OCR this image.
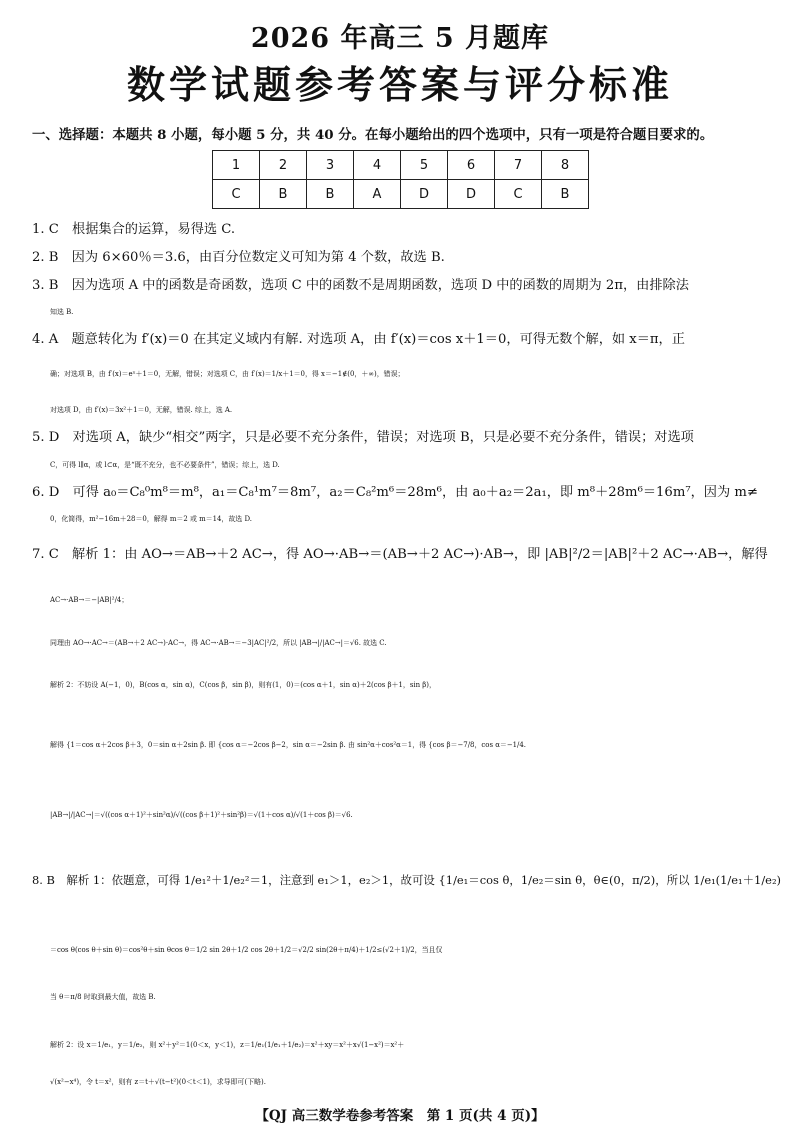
2026 年高三 5 月题库
数学试题参考答案与评分标准
一、选择题：本题共 8 小题，每小题 5 分，共 40 分。在每小题给出的四个选项中，只有一项是符合题目要求的。
1	2	3	4	5	6	7	8
C	B	B	A	D	D	C	B
1. C　根据集合的运算，易得选 C.
2. B　因为 6×60％＝3.6，由百分位数定义可知为第 4 个数，故选 B.
3. B　因为选项 A 中的函数是奇函数，选项 C 中的函数不是周期函数，选项 D 中的函数的周期为 2π，由排除法
知选 B.
4. A　题意转化为 f′(x)＝0 在其定义域内有解. 对选项 A，由 f′(x)＝cos x＋1＝0，可得无数个解，如 x＝π，正
确；对选项 B，由 f′(x)＝eˣ＋1＝0，无解，错误；对选项 C，由 f′(x)＝1/x＋1＝0，得 x＝−1∉(0，＋∞)，错误；
对选项 D，由 f′(x)＝3x²＋1＝0，无解，错误. 综上，选 A.
5. D　对选项 A，缺少“相交”两字，只是必要不充分条件，错误；对选项 B，只是必要不充分条件，错误；对选项
C，可得 l∥α，或 l⊂α，是“既不充分，也不必要条件”，错误；综上，选 D.
6. D　可得 a₀＝C₈⁰m⁸＝m⁸，a₁＝C₈¹m⁷＝8m⁷，a₂＝C₈²m⁶＝28m⁶，由 a₀＋a₂＝2a₁，即 m⁸＋28m⁶＝16m⁷，因为 m≠
0，化简得，m²−16m＋28＝0，解得 m＝2 或 m＝14，故选 D.
7. C　解析 1：由 AO→＝AB→＋2 AC→，得 AO→·AB→＝(AB→＋2 AC→)·AB→，即 |AB|²/2＝|AB|²＋2 AC→·AB→，解得
AC→·AB→＝−|AB|²/4；
同理由 AO→·AC→＝(AB→＋2 AC→)·AC→，得 AC→·AB→＝−3|AC|²/2，所以 |AB→|/|AC→|＝√6. 故选 C.
解析 2：不妨设 A(−1，0)，B(cos α，sin α)，C(cos β，sin β)，则有(1，0)＝(cos α＋1，sin α)＋2(cos β＋1，sin β)，
解得 {1＝cos α＋2cos β＋3，0＝sin α＋2sin β. 即 {cos α＝−2cos β−2，sin α＝−2sin β. 由 sin²α＋cos²α＝1，得 {cos β＝−7/8，cos α＝−1/4.
|AB→|/|AC→|＝√((cos α＋1)²＋sin²α)/√((cos β＋1)²＋sin²β)＝√(1＋cos α)/√(1＋cos β)＝√6.
8. B　解析 1：依题意，可得 1/e₁²＋1/e₂²＝1，注意到 e₁＞1，e₂＞1，故可设 {1/e₁＝cos θ，1/e₂＝sin θ，θ∈(0，π/2)，所以 1/e₁(1/e₁＋1/e₂)
＝cos θ(cos θ＋sin θ)＝cos²θ＋sin θcos θ＝1/2 sin 2θ＋1/2 cos 2θ＋1/2＝√2/2 sin(2θ＋π/4)＋1/2≤(√2＋1)/2，当且仅
当 θ＝π/8 时取到最大值，故选 B.
解析 2：设 x＝1/e₁，y＝1/e₂，则 x²＋y²＝1(0＜x，y＜1)，z＝1/e₁(1/e₁＋1/e₂)＝x²＋xy＝x²＋x√(1−x²)＝x²＋
√(x²−x⁴)，令 t＝x²，则有 z＝t＋√(t−t²)(0＜t＜1)，求导即可(下略).
【QJ 高三数学卷参考答案　第 1 页(共 4 页)】
